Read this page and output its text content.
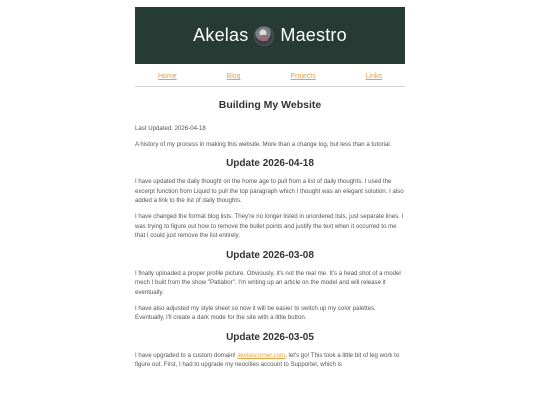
Akelas Maestro
Home	Blog	Projects	Links
Building My Website

Last Updated: 2026-04-18

A history of my process in making this website. More than a change log, but less than a tutorial.

Update 2026-04-18

I have updated the daily thought on the home age to pull from a list of daily thoughts. I used the excerpt function from Liquid to pull the top paragraph which I thought was an elegant solution. I also added a link to the list of daily thoughts.

I have changed the format blog lists. They're no longer listed in unordered lists, just separate lines. I was trying to figure out how to remove the bullet points and justify the text when it occurred to me that I could just remove the list entirely.

Update 2026-03-08

I finally uploaded a proper profile picture. Obviously, it's not the real me. It's a head shot of a model mech I built from the show "Patlabor". I'm writing up an article on the model and will release it eventually.

I have also adjusted my style sheet so now it will be easier to switch up my color palettes. Eventually, I'll create a dark mode for the site with a little button.

Update 2026-03-05

I have upgraded to a custom domain! akelascorner.com, let's go! This took a little bit of leg work to figure out. First, I had to upgrade my neocities account to Supporter, which is
